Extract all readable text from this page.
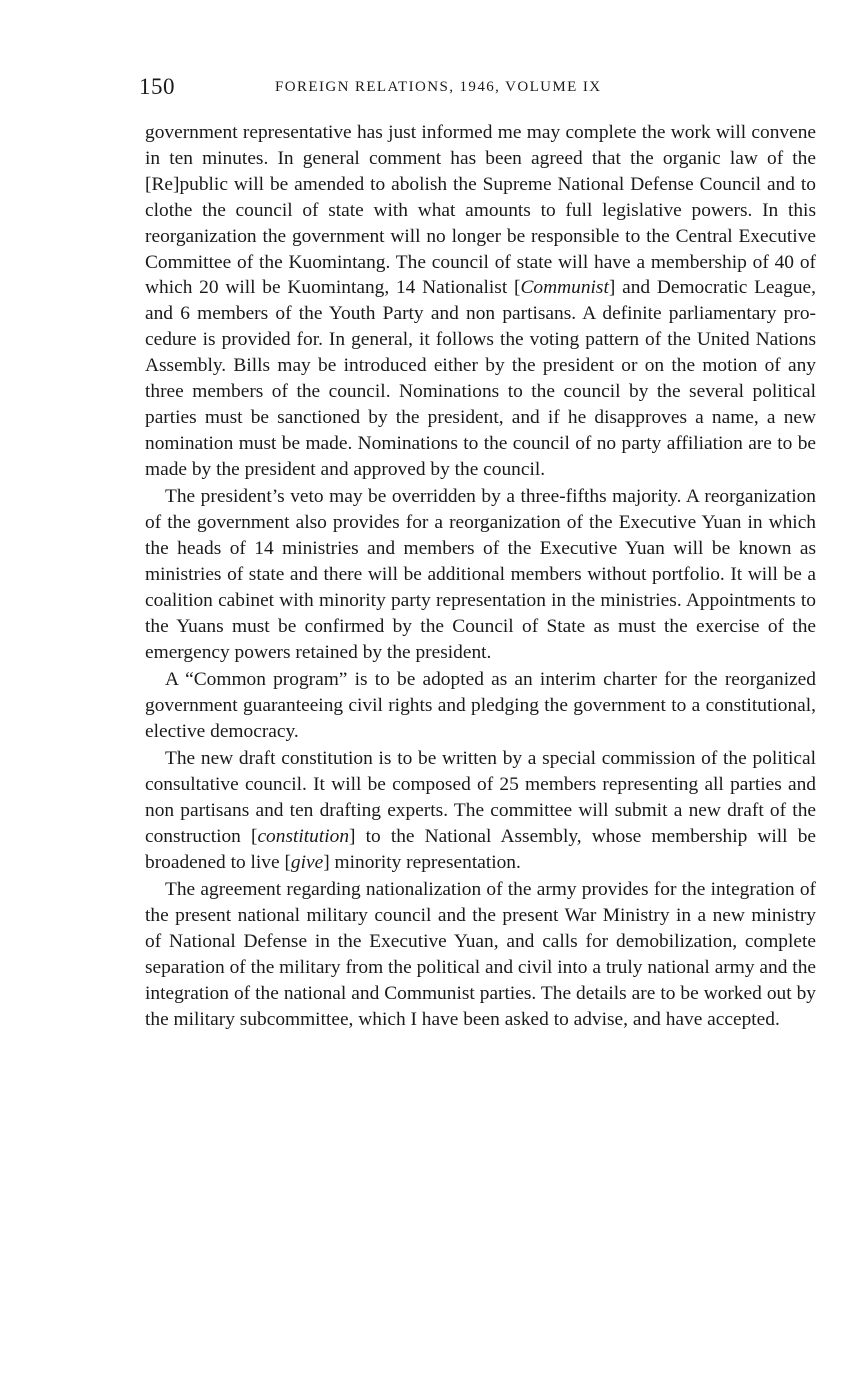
150	FOREIGN RELATIONS, 1946, VOLUME IX

government representative has just informed me may complete the work will convene in ten minutes. In general comment has been agreed that the organic law of the [Re]public will be amended to abolish the Supreme National Defense Council and to clothe the council of state with what amounts to full legislative powers. In this reorganization the government will no longer be responsible to the Central Executive Committee of the Kuomintang. The council of state will have a membership of 40 of which 20 will be Kuomintang, 14 Nationalist [Communist] and Democratic League, and 6 members of the Youth Party and non partisans. A definite parliamentary procedure is provided for. In general, it follows the voting pattern of the United Nations Assembly. Bills may be introduced either by the president or on the motion of any three members of the council. Nominations to the council by the several political parties must be sanctioned by the president, and if he disapproves a name, a new nomination must be made. Nominations to the council of no party affiliation are to be made by the president and approved by the council.

The president’s veto may be overridden by a three-fifths majority. A reorganization of the government also provides for a reorganization of the Executive Yuan in which the heads of 14 ministries and members of the Executive Yuan will be known as ministries of state and there will be additional members without portfolio. It will be a coalition cabinet with minority party representation in the ministries. Appointments to the Yuans must be confirmed by the Council of State as must the exercise of the emergency powers retained by the president.

A “Common program” is to be adopted as an interim charter for the reorganized government guaranteeing civil rights and pledging the government to a constitutional, elective democracy.

The new draft constitution is to be written by a special commission of the political consultative council. It will be composed of 25 members representing all parties and non partisans and ten drafting experts. The committee will submit a new draft of the construction [constitution] to the National Assembly, whose membership will be broadened to live [give] minority representation.

The agreement regarding nationalization of the army provides for the integration of the present national military council and the present War Ministry in a new ministry of National Defense in the Executive Yuan, and calls for demobilization, complete separation of the military from the political and civil into a truly national army and the integration of the national and Communist parties. The details are to be worked out by the military subcommittee, which I have been asked to advise, and have accepted.
